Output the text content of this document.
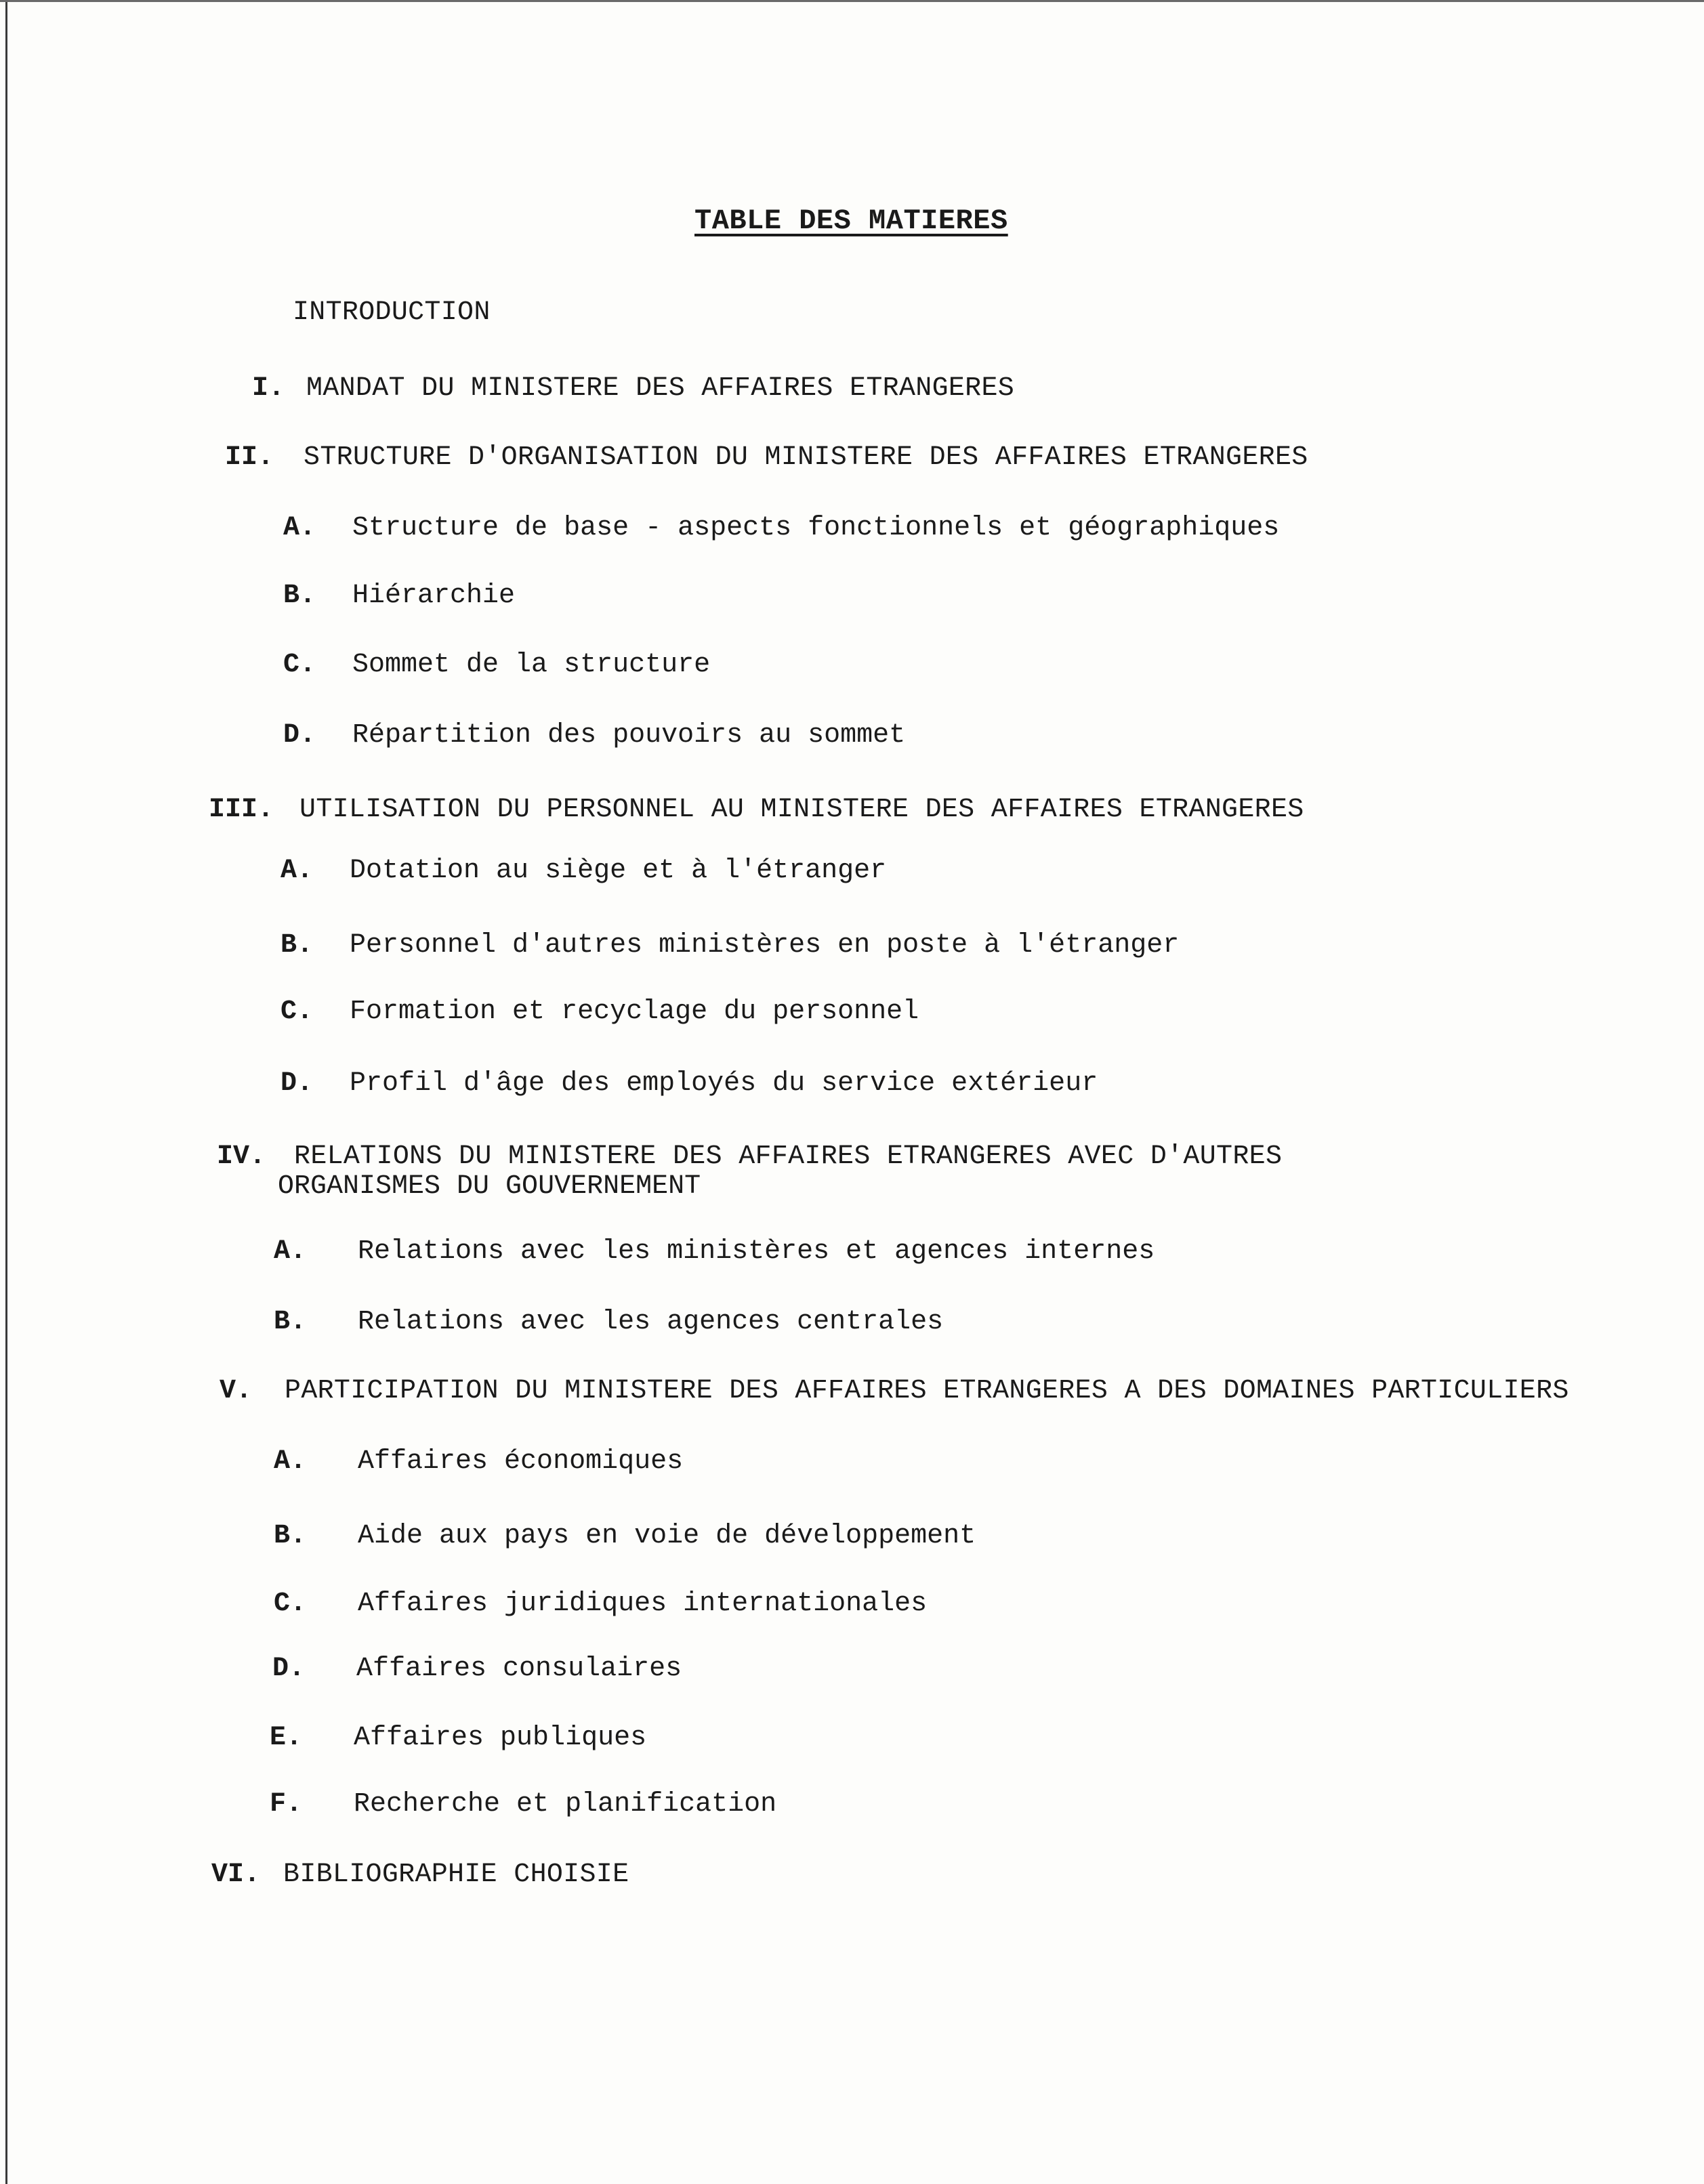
TABLE DES MATIERES
INTRODUCTION
I. MANDAT DU MINISTERE DES AFFAIRES ETRANGERES
II. STRUCTURE D'ORGANISATION DU MINISTERE DES AFFAIRES ETRANGERES
A. Structure de base - aspects fonctionnels et géographiques
B. Hiérarchie
C. Sommet de la structure
D. Répartition des pouvoirs au sommet
III. UTILISATION DU PERSONNEL AU MINISTERE DES AFFAIRES ETRANGERES
A. Dotation au siège et à l'étranger
B. Personnel d'autres ministères en poste à l'étranger
C. Formation et recyclage du personnel
D. Profil d'âge des employés du service extérieur
IV. RELATIONS DU MINISTERE DES AFFAIRES ETRANGERES AVEC D'AUTRES
ORGANISMES DU GOUVERNEMENT
A. Relations avec les ministères et agences internes
B. Relations avec les agences centrales
V. PARTICIPATION DU MINISTERE DES AFFAIRES ETRANGERES A DES DOMAINES PARTICULIERS
A. Affaires économiques
B. Aide aux pays en voie de développement
C. Affaires juridiques internationales
D. Affaires consulaires
E. Affaires publiques
F. Recherche et planification
VI. BIBLIOGRAPHIE CHOISIE
